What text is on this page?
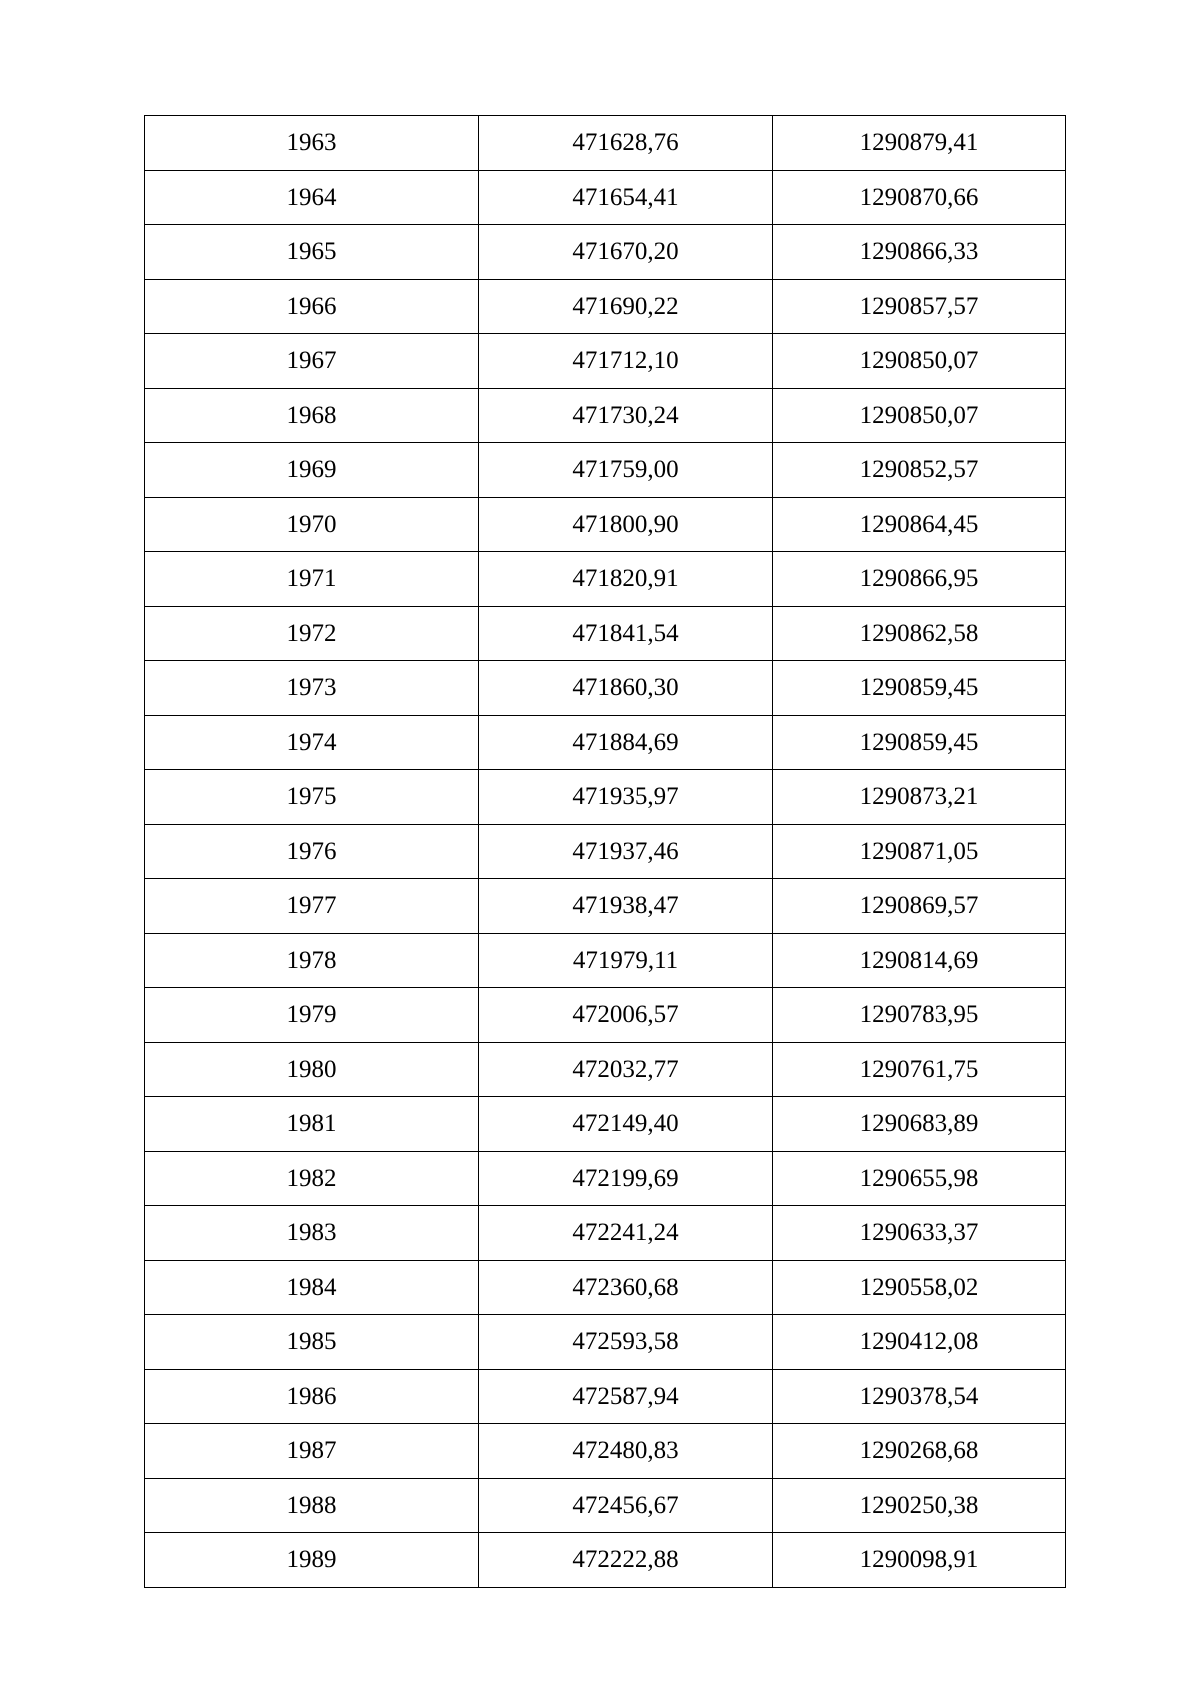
1963	471628,76	1290879,41
1964	471654,41	1290870,66
1965	471670,20	1290866,33
1966	471690,22	1290857,57
1967	471712,10	1290850,07
1968	471730,24	1290850,07
1969	471759,00	1290852,57
1970	471800,90	1290864,45
1971	471820,91	1290866,95
1972	471841,54	1290862,58
1973	471860,30	1290859,45
1974	471884,69	1290859,45
1975	471935,97	1290873,21
1976	471937,46	1290871,05
1977	471938,47	1290869,57
1978	471979,11	1290814,69
1979	472006,57	1290783,95
1980	472032,77	1290761,75
1981	472149,40	1290683,89
1982	472199,69	1290655,98
1983	472241,24	1290633,37
1984	472360,68	1290558,02
1985	472593,58	1290412,08
1986	472587,94	1290378,54
1987	472480,83	1290268,68
1988	472456,67	1290250,38
1989	472222,88	1290098,91
